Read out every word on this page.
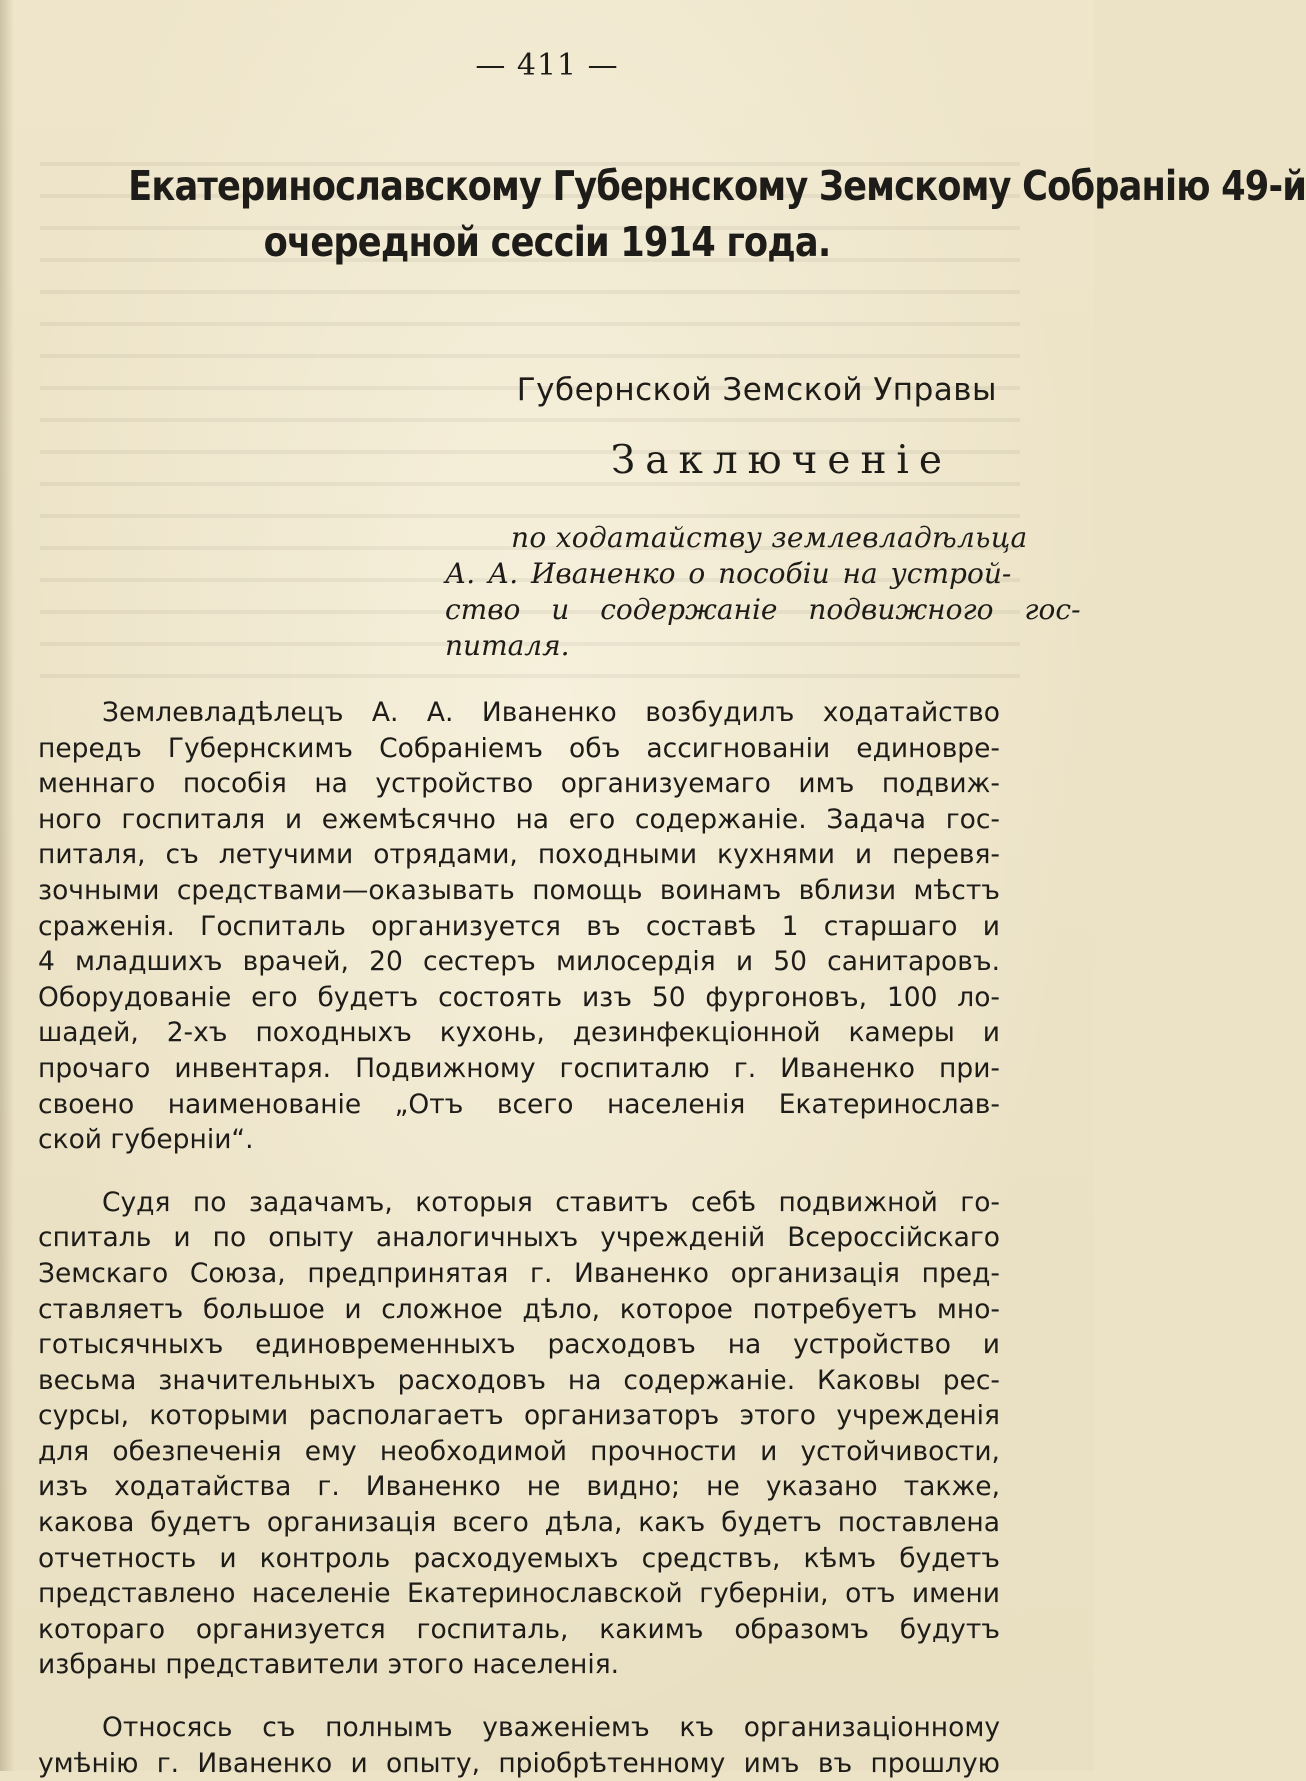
— 411 —
Екатеринославскому Губернскому Земскому Собранію 49-й
очередной сессіи 1914 года.
Губернской Земской Управы
Заключеніе
по ходатайству землевладѣльца
А. А. Иваненко о пособіи на устрой-
ство и содержаніе подвижного гос-
питаля.
Землевладѣлецъ А. А. Иваненко возбудилъ ходатайство
передъ Губернскимъ Собраніемъ объ ассигнованіи единовре-
меннаго пособія на устройство организуемаго имъ подвиж-
ного госпиталя и ежемѣсячно на его содержаніе. Задача гос-
питаля, съ летучими отрядами, походными кухнями и перевя-
зочными средствами—оказывать помощь воинамъ вблизи мѣстъ
сраженія. Госпиталь организуется въ составѣ 1 старшаго и
4 младшихъ врачей, 20 сестеръ милосердія и 50 санитаровъ.
Оборудованіе его будетъ состоять изъ 50 фургоновъ, 100 ло-
шадей, 2-хъ походныхъ кухонь, дезинфекціонной камеры и
прочаго инвентаря. Подвижному госпиталю г. Иваненко при-
своено наименованіе „Отъ всего населенія Екатеринослав-
ской губерніи“.
Судя по задачамъ, которыя ставитъ себѣ подвижной го-
спиталь и по опыту аналогичныхъ учрежденій Всероссійскаго
Земскаго Союза, предпринятая г. Иваненко организація пред-
ставляетъ большое и сложное дѣло, которое потребуетъ мно-
готысячныхъ единовременныхъ расходовъ на устройство и
весьма значительныхъ расходовъ на содержаніе. Каковы рес-
сурсы, которыми располагаетъ организаторъ этого учрежденія
для обезпеченія ему необходимой прочности и устойчивости,
изъ ходатайства г. Иваненко не видно; не указано также,
какова будетъ организація всего дѣла, какъ будетъ поставлена
отчетность и контроль расходуемыхъ средствъ, кѣмъ будетъ
представлено населеніе Екатеринославской губерніи, отъ имени
котораго организуется госпиталь, какимъ образомъ будутъ
избраны представители этого населенія.
Относясь съ полнымъ уваженіемъ къ организаціонному
умѣнію г. Иваненко и опыту, пріобрѣтенному имъ въ прошлую
